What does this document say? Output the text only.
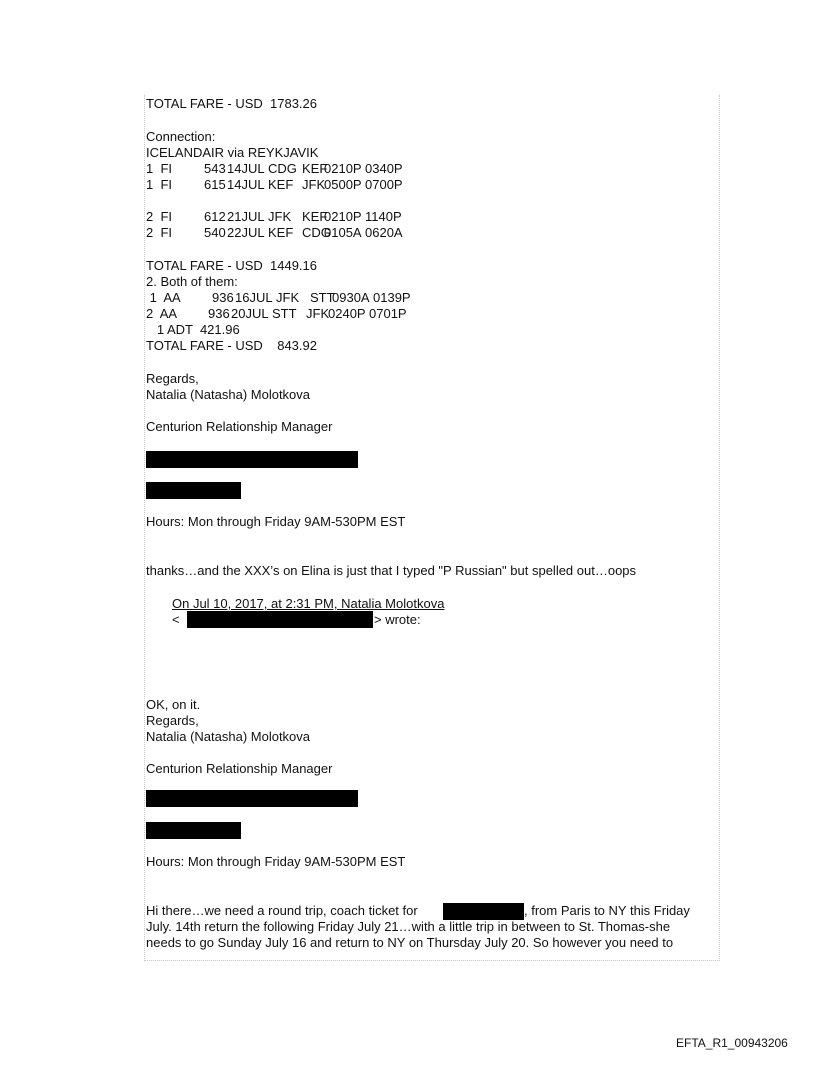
TOTAL FARE - USD  1783.26
Connection:
ICELANDAIR via REYKJAVIK
1  FI 543 14JUL CDG KEF
0210P 0340P
1  FI 615 14JUL KEF JFK
0500P 0700P
2  FI 612 21JUL JFK KEF
0210P 1140P
2  FI 540 22JUL KEF CDG
0105A 0620A
TOTAL FARE - USD  1449.16
2. Both of them:
1  AA 936 16JUL JFK STT
0930A 0139P
2  AA 936 20JUL STT JFK
0240P 0701P
1 ADT  421.96
TOTAL FARE - USD    843.92
Regards,
Natalia (Natasha) Molotkova
Centurion Relationship Manager
Hours: Mon through Friday 9AM-530PM EST
thanks…and the XXX’s on Elina is just that I typed "P Russian" but spelled out…oops
On Jul 10, 2017, at 2:31 PM, Natalia Molotkova
<	> wrote:
OK, on it.
Regards,
Natalia (Natasha) Molotkova
Centurion Relationship Manager
Hours: Mon through Friday 9AM-530PM EST
Hi there…we need a round trip, coach ticket for	, from Paris to NY this Friday
July. 14th return the following Friday July 21…with a little trip in between to St. Thomas-she
needs to go Sunday July 16 and return to NY on Thursday July 20. So however you need to
EFTA_R1_00943206
